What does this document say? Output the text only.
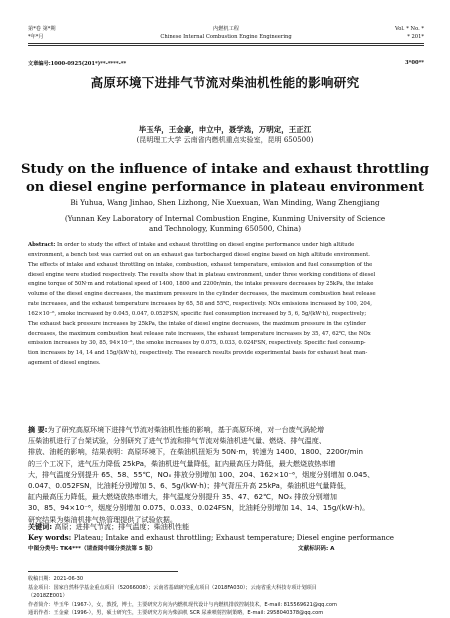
第*卷 第*期	内燃机工程	Vol. * No. *
*年*月	Chinese Internal Combustion Engine Engineering	* 201*
文章编号:1000-0925(201*)**-****-**	3*00**
高原环境下进排气节流对柴油机性能的影响研究
毕玉华，王金豪，申立中，聂学选，万明定，王正江
(昆明理工大学 云南省内燃机重点实验室，昆明 650500)
Study on the influence of intake and exhaust throttling
on diesel engine performance in plateau environment
Bi Yuhua, Wang Jinhao, Shen Lizhong, Nie Xuexuan, Wan Minding, Wang Zhengjiang
(Yunnan Key Laboratory of Internal Combustion Engine, Kunming University of Science and Technology, Kunming 650500, China)
Abstract: In order to study the effect of intake and exhaust throttling on diesel engine performance under high altitude
environment, a bench test was carried out on an exhaust gas turbocharged diesel engine based on high altitude environment.
The effects of intake and exhaust throttling on intake, combustion, exhaust temperature, emission and fuel consumption of the
diesel engine were studied respectively. The results show that in plateau environment, under three working conditions of diesel
engine torque of 50N·m and rotational speed of 1400, 1800 and 2200r/min, the intake pressure decreases by 25kPa, the intake
volume of the diesel engine decreases, the maximum pressure in the cylinder decreases, the maximum combustion heat release
rate increases, and the exhaust temperature increases by 65, 58 and 55℃, respectively. NOx emissions increased by 100, 204,
162×10⁻⁶, smoke increased by 0.045, 0.047, 0.052FSN, specific fuel consumption increased by 5, 6, 5g/(kW·h), respectively;
The exhaust back pressure increases by 25kPa, the intake of diesel engine decreases, the maximum pressure in the cylinder
decreases, the maximum combustion heat release rate increases, the exhaust temperature increases by 35, 47, 62℃, the NOx
emission increases by 30, 85, 94×10⁻⁶, the smoke increases by 0.075, 0.033, 0.024FSN, respectively. Specific fuel consump-
tion increases by 14, 14 and 15g/(kW·h), respectively. The research results provide experimental basis for exhaust heat man-
agement of diesel engines.
摘 要:为了研究高原环境下进排气节流对柴油机性能的影响，基于高原环境，对一台废气涡轮增
压柴油机进行了台架试验，分别研究了进气节流和排气节流对柴油机进气量、燃烧、排气温度、
排放、油耗的影响，结果表明：高原环境下，在柴油机扭矩为 50N·m，转速为 1400、1800、2200r/min
的三个工况下，进气压力降低 25kPa，柴油机进气量降低，缸内最高压力降低，最大燃烧放热率增
大，排气温度分别提升 65、58、55℃，NOₓ 排放分别增加 100、204、162×10⁻⁶，烟度分别增加 0.045、
0.047、0.052FSN，比油耗分别增加 5、6、5g/(kW·h)；排气背压升高 25kPa，柴油机进气量降低，
缸内最高压力降低，最大燃烧放热率增大，排气温度分别提升 35、47、62℃，NOₓ 排放分别增加
30、85、94×10⁻⁶，烟度分别增加 0.075、0.033、0.024FSN，比油耗分别增加 14、14、15g/(kW·h)。
研究结果为柴油机排气热管理提供了试验依据。
关键词: 高原；进排气节流；排气温度；柴油机性能
Key words: Plateau; Intake and exhaust throttling; Exhaust temperature; Diesel engine performance
中图分类号: TK4***（请查阅中图分类法第 5 版）	文献标识码: A
收稿日期：2021-06-30
基金项目：国家自然科学基金重点项目（52066008）；云南省基础研究重点项目（2018FA030）；云南省重大科技专项计划项目
（2018ZE001）
作者简介：毕玉华（1967-），女，教授，博士，主要研究方向为内燃机现代设计与内燃机排放控制技术，E-mail: 815569621@qq.com
通讯作者：王金豪（1996-），男，硕士研究生，主要研究方向为柴油机 SCR 尿素喷射控制策略，E-mail: 2958040378@qq.com
